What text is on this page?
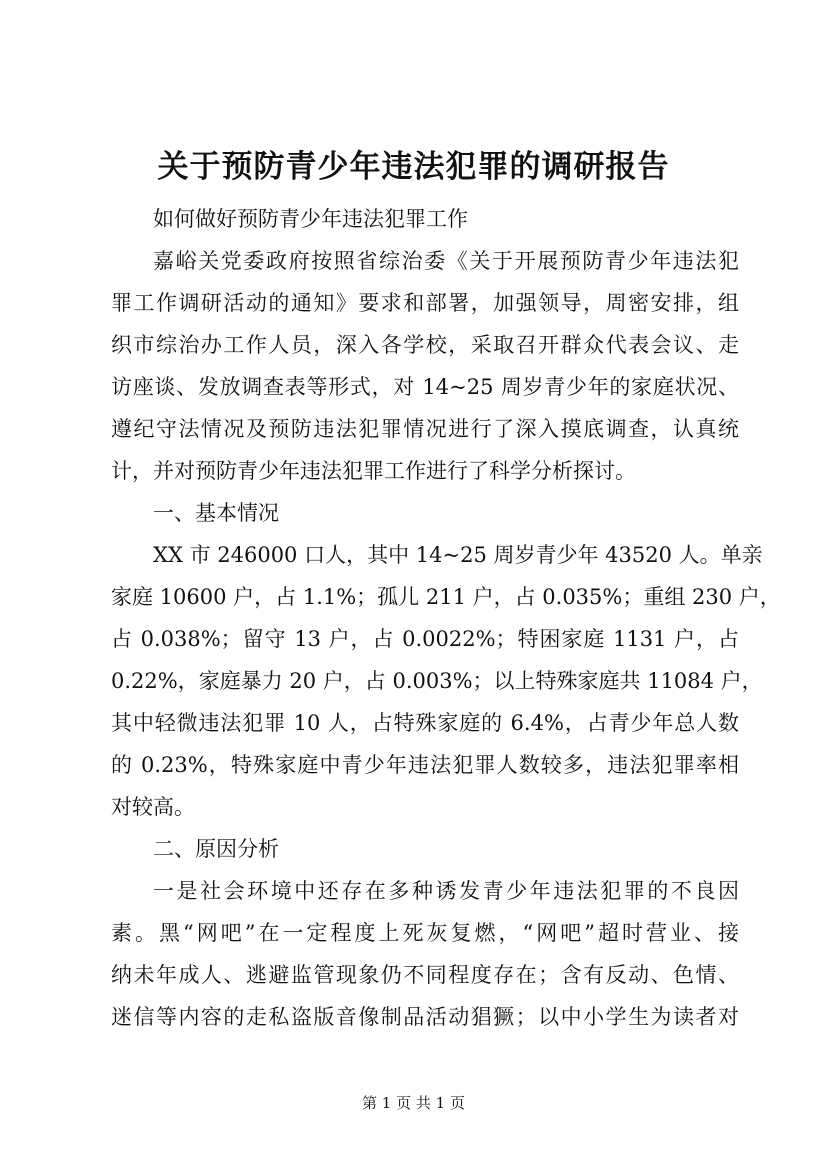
关于预防青少年违法犯罪的调研报告
如何做好预防青少年违法犯罪工作
嘉峪关党委政府按照省综治委《关于开展预防青少年违法犯
罪工作调研活动的通知》要求和部署，加强领导，周密安排，组
织市综治办工作人员，深入各学校，采取召开群众代表会议、走
访座谈、发放调查表等形式，对 14~25 周岁青少年的家庭状况、
遵纪守法情况及预防违法犯罪情况进行了深入摸底调查，认真统
计，并对预防青少年违法犯罪工作进行了科学分析探讨。
一、基本情况
XX 市 246000 口人，其中 14~25 周岁青少年 43520 人。单亲
家庭 10600 户，占 1.1%；孤儿 211 户，占 0.035%；重组 230 户，
占 0.038%；留守 13 户，占 0.0022%；特困家庭 1131 户，占
0.22%，家庭暴力 20 户，占 0.003%；以上特殊家庭共 11084 户，
其中轻微违法犯罪 10 人，占特殊家庭的 6.4%，占青少年总人数
的 0.23%，特殊家庭中青少年违法犯罪人数较多，违法犯罪率相
对较高。
二、原因分析
一是社会环境中还存在多种诱发青少年违法犯罪的不良因
素。黑“网吧”在一定程度上死灰复燃，“网吧”超时营业、接
纳未年成人、逃避监管现象仍不同程度存在；含有反动、色情、
迷信等内容的走私盗版音像制品活动猖獗；以中小学生为读者对
第 1 页 共 1 页
